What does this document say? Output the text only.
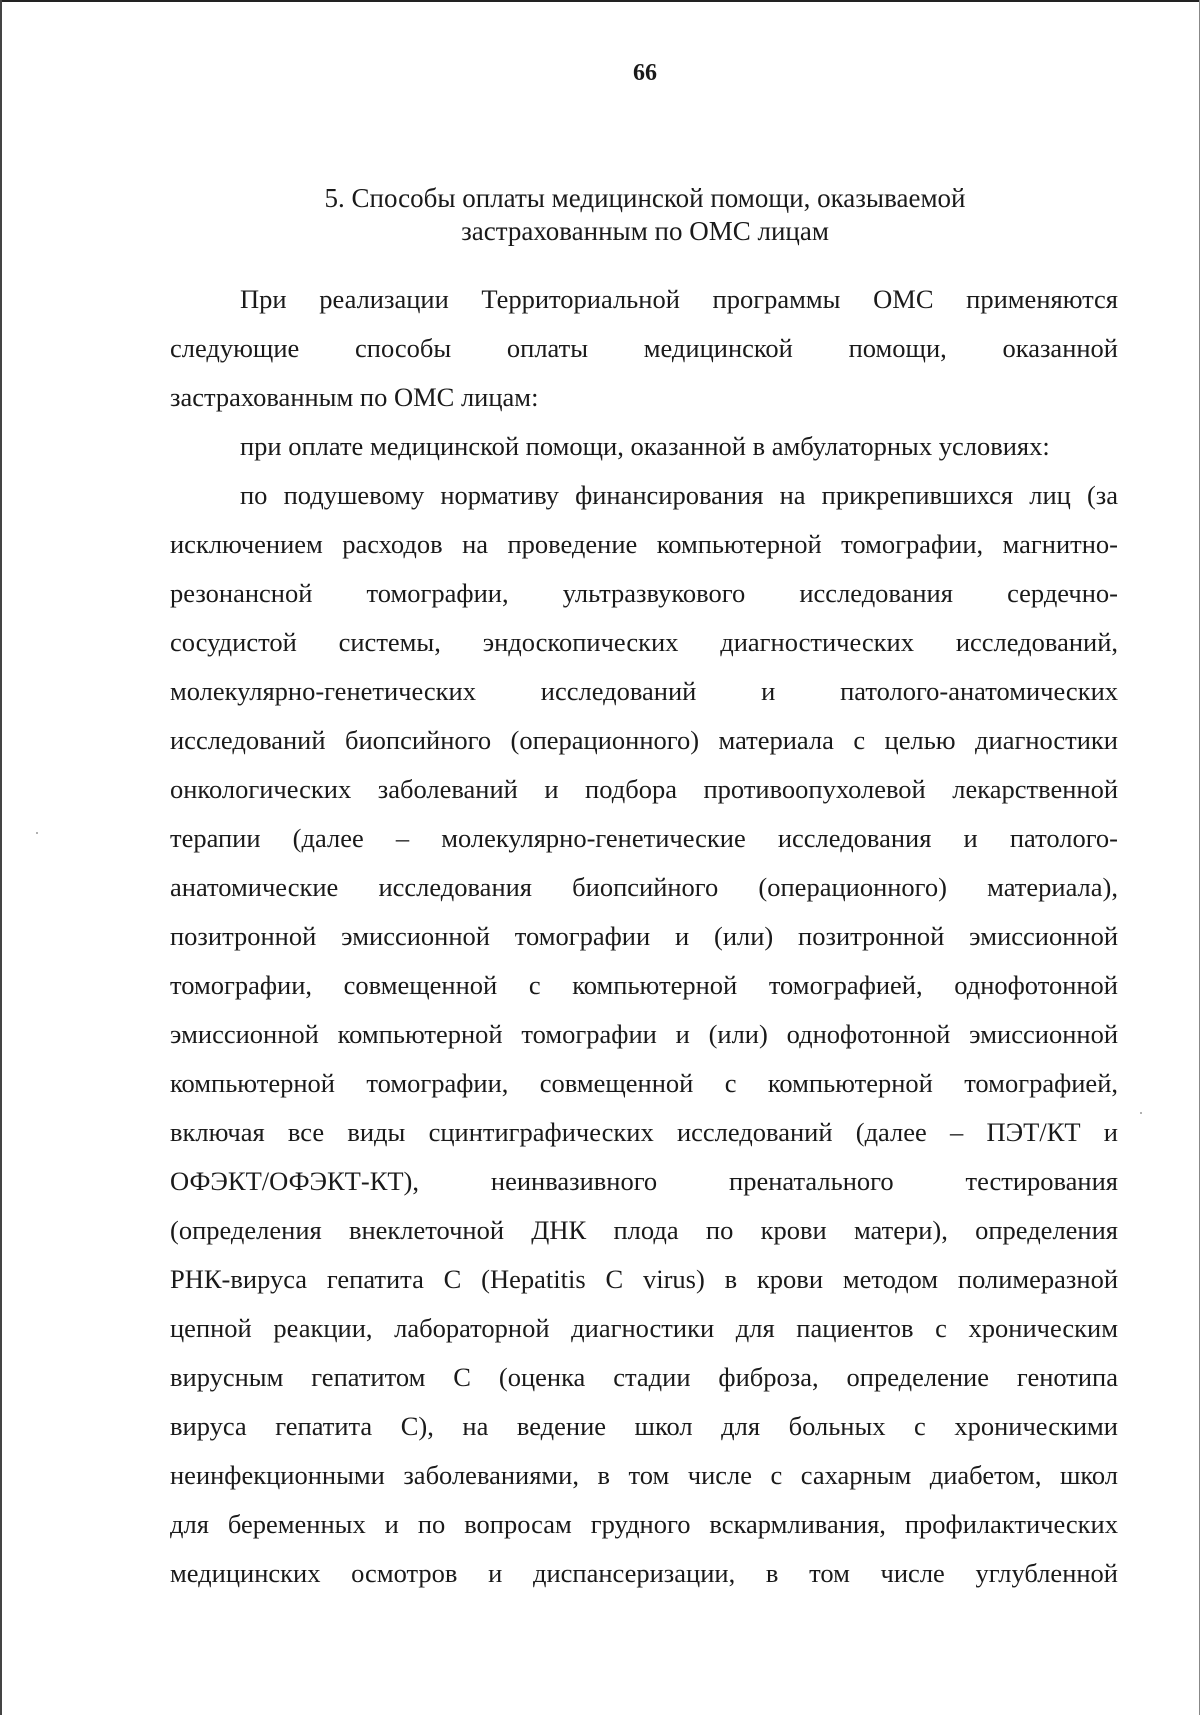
66
5. Способы оплаты медицинской помощи, оказываемой
застрахованным по ОМС лицам
При реализации Территориальной программы ОМС применяются
следующие способы оплаты медицинской помощи, оказанной
застрахованным по ОМС лицам:
при оплате медицинской помощи, оказанной в амбулаторных условиях:
по подушевому нормативу финансирования на прикрепившихся лиц (за
исключением расходов на проведение компьютерной томографии, магнитно-
резонансной томографии, ультразвукового исследования сердечно-
сосудистой системы, эндоскопических диагностических исследований,
молекулярно-генетических исследований и патолого-анатомических
исследований биопсийного (операционного) материала с целью диагностики
онкологических заболеваний и подбора противоопухолевой лекарственной
терапии (далее – молекулярно-генетические исследования и патолого-
анатомические исследования биопсийного (операционного) материала),
позитронной эмиссионной томографии и (или) позитронной эмиссионной
томографии, совмещенной с компьютерной томографией, однофотонной
эмиссионной компьютерной томографии и (или) однофотонной эмиссионной
компьютерной томографии, совмещенной с компьютерной томографией,
включая все виды сцинтиграфических исследований (далее – ПЭТ/КТ и
ОФЭКТ/ОФЭКТ-КТ), неинвазивного пренатального тестирования
(определения внеклеточной ДНК плода по крови матери), определения
РНК-вируса гепатита С (Hepatitis C virus) в крови методом полимеразной
цепной реакции, лабораторной диагностики для пациентов с хроническим
вирусным гепатитом С (оценка стадии фиброза, определение генотипа
вируса гепатита С), на ведение школ для больных с хроническими
неинфекционными заболеваниями, в том числе с сахарным диабетом, школ
для беременных и по вопросам грудного вскармливания, профилактических
медицинских осмотров и диспансеризации, в том числе углубленной
